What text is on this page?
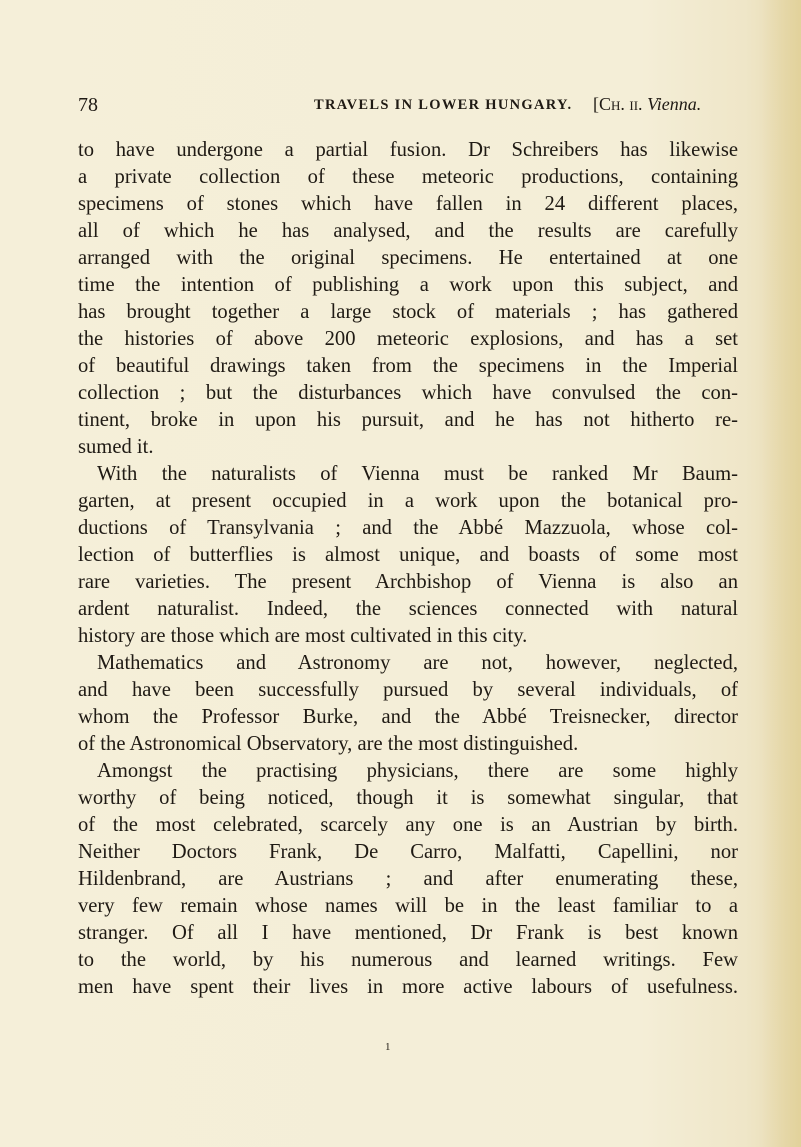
78	TRAVELS IN LOWER HUNGARY. [Ch. ii. Vienna.
to have undergone a partial fusion. Dr Schreibers has likewise
a private collection of these meteoric productions, containing
specimens of stones which have fallen in 24 different places,
all of which he has analysed, and the results are carefully
arranged with the original specimens. He entertained at one
time the intention of publishing a work upon this subject, and
has brought together a large stock of materials ; has gathered
the histories of above 200 meteoric explosions, and has a set
of beautiful drawings taken from the specimens in the Imperial
collection ; but the disturbances which have convulsed the con-
tinent, broke in upon his pursuit, and he has not hitherto re-
sumed it.
With the naturalists of Vienna must be ranked Mr Baum-
garten, at present occupied in a work upon the botanical pro-
ductions of Transylvania ; and the Abbé Mazzuola, whose col-
lection of butterflies is almost unique, and boasts of some most
rare varieties. The present Archbishop of Vienna is also an
ardent naturalist. Indeed, the sciences connected with natural
history are those which are most cultivated in this city.
Mathematics and Astronomy are not, however, neglected,
and have been successfully pursued by several individuals, of
whom the Professor Burke, and the Abbé Treisnecker, director
of the Astronomical Observatory, are the most distinguished.
Amongst the practising physicians, there are some highly
worthy of being noticed, though it is somewhat singular, that
of the most celebrated, scarcely any one is an Austrian by birth.
Neither Doctors Frank, De Carro, Malfatti, Capellini, nor
Hildenbrand, are Austrians ; and after enumerating these,
very few remain whose names will be in the least familiar to a
stranger. Of all I have mentioned, Dr Frank is best known
to the world, by his numerous and learned writings. Few
men have spent their lives in more active labours of usefulness.
1
